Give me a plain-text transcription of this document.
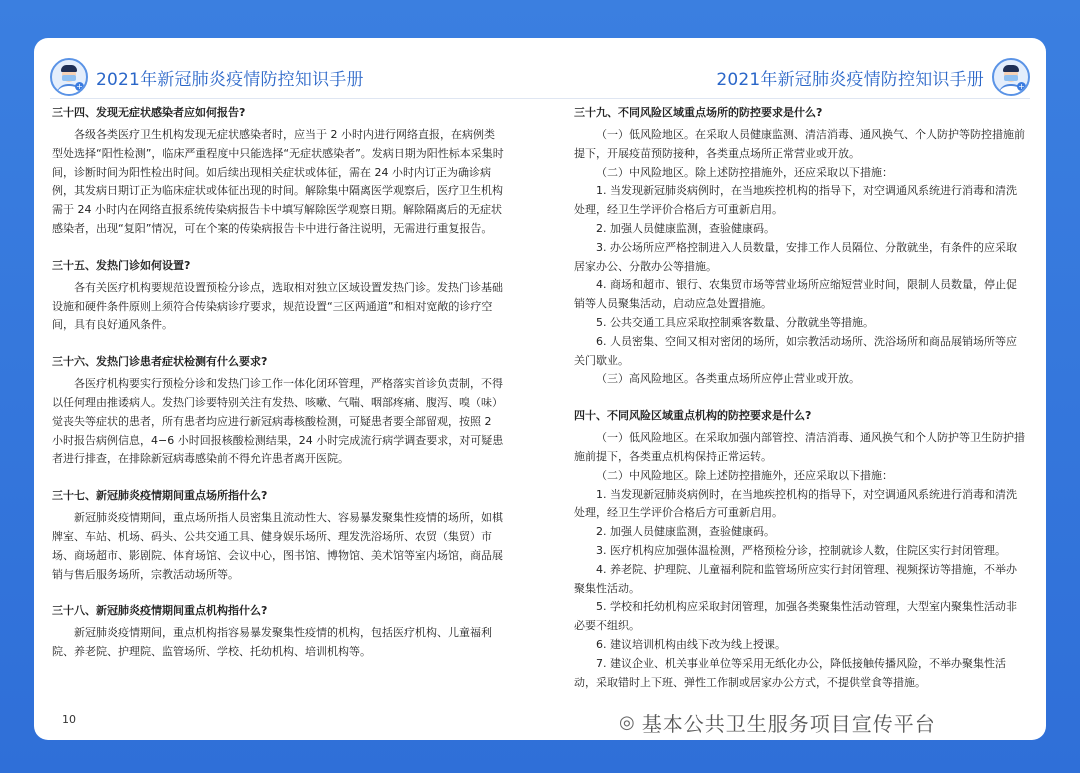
+ 2021年新冠肺炎疫情防控知识手册	2021年新冠肺炎疫情防控知识手册	+

三十四、发现无症状感染者应如何报告?

各级各类医疗卫生机构发现无症状感染者时，应当于 2 小时内进行网络直报，在病例类型处选择“阳性检测”，临床严重程度中只能选择“无症状感染者”。发病日期为阳性标本采集时间，诊断时间为阳性检出时间。如后续出现相关症状或体征，需在 24 小时内订正为确诊病例，其发病日期订正为临床症状或体征出现的时间。解除集中隔离医学观察后，医疗卫生机构需于 24 小时内在网络直报系统传染病报告卡中填写解除医学观察日期。解除隔离后的无症状感染者，出现“复阳”情况，可在个案的传染病报告卡中进行备注说明，无需进行重复报告。

三十五、发热门诊如何设置?

各有关医疗机构要规范设置预检分诊点，选取相对独立区域设置发热门诊。发热门诊基础设施和硬件条件原则上须符合传染病诊疗要求，规范设置“三区两通道”和相对宽敞的诊疗空间，具有良好通风条件。

三十六、发热门诊患者症状检测有什么要求?

各医疗机构要实行预检分诊和发热门诊工作一体化闭环管理，严格落实首诊负责制，不得以任何理由推诿病人。发热门诊要特别关注有发热、咳嗽、气喘、咽部疼痛、腹泻、嗅（味）觉丧失等症状的患者，所有患者均应进行新冠病毒核酸检测，可疑患者要全部留观，按照 2 小时报告病例信息，4−6 小时回报核酸检测结果，24 小时完成流行病学调查要求，对可疑患者进行排查，在排除新冠病毒感染前不得允许患者离开医院。

三十七、新冠肺炎疫情期间重点场所指什么?

新冠肺炎疫情期间，重点场所指人员密集且流动性大、容易暴发聚集性疫情的场所，如棋牌室、车站、机场、码头、公共交通工具、健身娱乐场所、理发洗浴场所、农贸（集贸）市场、商场超市、影剧院、体育场馆、会议中心，图书馆、博物馆、美术馆等室内场馆，商品展销与售后服务场所，宗教活动场所等。

三十八、新冠肺炎疫情期间重点机构指什么?

新冠肺炎疫情期间，重点机构指容易暴发聚集性疫情的机构，包括医疗机构、儿童福利院、养老院、护理院、监管场所、学校、托幼机构、培训机构等。

10

三十九、不同风险区域重点场所的防控要求是什么?

（一）低风险地区。在采取人员健康监测、清洁消毒、通风换气、个人防护等防控措施前提下，开展疫苗预防接种，各类重点场所正常营业或开放。

（二）中风险地区。除上述防控措施外，还应采取以下措施：

1. 当发现新冠肺炎病例时，在当地疾控机构的指导下，对空调通风系统进行消毒和清洗处理，经卫生学评价合格后方可重新启用。

2. 加强人员健康监测，查验健康码。

3. 办公场所应严格控制进入人员数量，安排工作人员隔位、分散就坐，有条件的应采取居家办公、分散办公等措施。

4. 商场和超市、银行、农集贸市场等营业场所应缩短营业时间，限制人员数量，停止促销等人员聚集活动，启动应急处置措施。

5. 公共交通工具应采取控制乘客数量、分散就坐等措施。

6. 人员密集、空间又相对密闭的场所，如宗教活动场所、洗浴场所和商品展销场所等应关门歇业。

（三）高风险地区。各类重点场所应停止营业或开放。

四十、不同风险区域重点机构的防控要求是什么?

（一）低风险地区。在采取加强内部管控、清洁消毒、通风换气和个人防护等卫生防护措施前提下，各类重点机构保持正常运转。

（二）中风险地区。除上述防控措施外，还应采取以下措施：

1. 当发现新冠肺炎病例时，在当地疾控机构的指导下，对空调通风系统进行消毒和清洗处理，经卫生学评价合格后方可重新启用。

2. 加强人员健康监测，查验健康码。

3. 医疗机构应加强体温检测，严格预检分诊，控制就诊人数，住院区实行封闭管理。

4. 养老院、护理院、儿童福利院和监管场所应实行封闭管理、视频探访等措施，不举办聚集性活动。

5. 学校和托幼机构应采取封闭管理，加强各类聚集性活动管理，大型室内聚集性活动非必要不组织。

6. 建议培训机构由线下改为线上授课。

7. 建议企业、机关事业单位等采用无纸化办公，降低接触传播风险，不举办聚集性活动，采取错时上下班、弹性工作制或居家办公方式，不提供堂食等措施。

◎ 基本公共卫生服务项目宣传平台
